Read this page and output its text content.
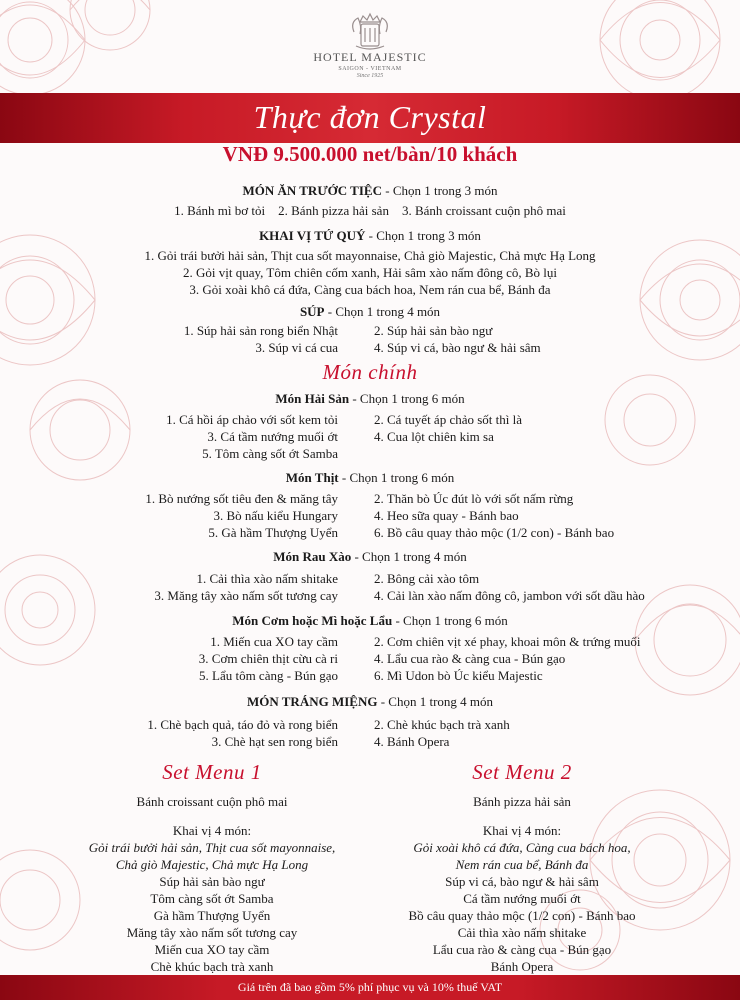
HOTEL MAJESTIC
SAIGON - VIETNAM
Since 1925
Thực đơn Crystal
VNĐ 9.500.000 net/bàn/10 khách
MÓN ĂN TRƯỚC TIỆC - Chọn 1 trong 3 món
1. Bánh mì bơ tỏi    2. Bánh pizza hải sản    3. Bánh croissant cuộn phô mai
KHAI VỊ TỨ QUÝ - Chọn 1 trong 3 món
1. Gỏi trái bưởi hải sản, Thịt cua sốt mayonnaise, Chả giò Majestic, Chả mực Hạ Long
2. Gỏi vịt quay, Tôm chiên cốm xanh, Hải sâm xào nấm đông cô, Bò lụi
3. Gỏi xoài khô cá đứa, Càng cua bách hoa, Nem rán cua bể, Bánh đa
SÚP - Chọn 1 trong 4 món
1. Súp hải sản rong biển Nhật	2. Súp hải sản bào ngư
3. Súp vi cá cua	4. Súp vi cá, bào ngư & hải sâm
Món chính
Món Hải Sản - Chọn 1 trong 6 món
1. Cá hồi áp chảo với sốt kem tỏi	2. Cá tuyết áp chảo sốt thì là
3. Cá tầm nướng muối ớt	4. Cua lột chiên kim sa
5. Tôm càng sốt ớt Samba
Món Thịt - Chọn 1 trong 6 món
1. Bò nướng sốt tiêu đen & măng tây	2. Thăn bò Úc đút lò với sốt nấm rừng
3. Bò nấu kiểu Hungary	4. Heo sữa quay - Bánh bao
5. Gà hầm Thượng Uyển	6. Bồ câu quay thảo mộc (1/2 con) - Bánh bao
Món Rau Xào - Chọn 1 trong 4 món
1. Cải thìa xào nấm shitake	2. Bông cải xào tôm
3. Măng tây xào nấm sốt tương cay	4. Cải làn xào nấm đông cô, jambon với sốt dầu hào
Món Cơm hoặc Mì hoặc Lẩu - Chọn 1 trong 6 món
1. Miến cua XO tay cầm	2. Cơm chiên vịt xé phay, khoai môn & trứng muối
3. Cơm chiên thịt cừu cà ri	4. Lẩu cua rào & càng cua - Bún gạo
5. Lẩu tôm càng - Bún gạo	6. Mì Udon bò Úc kiểu Majestic
MÓN TRÁNG MIỆNG - Chọn 1 trong 4 món
1. Chè bạch quả, táo đỏ và rong biển	2. Chè khúc bạch trà xanh
3. Chè hạt sen rong biển	4. Bánh Opera
Set Menu 1
Bánh croissant cuộn phô mai
Khai vị 4 món:
Gỏi trái bưởi hải sản, Thịt cua sốt mayonnaise,
Chả giò Majestic, Chả mực Hạ Long
Súp hải sản bào ngư
Tôm càng sốt ớt Samba
Gà hầm Thượng Uyển
Măng tây xào nấm sốt tương cay
Miến cua XO tay cầm
Chè khúc bạch trà xanh
Set Menu 2
Bánh pizza hải sản
Khai vị 4 món:
Gỏi xoài khô cá đứa, Càng cua bách hoa,
Nem rán cua bể, Bánh đa
Súp vi cá, bào ngư & hải sâm
Cá tầm nướng muối ớt
Bồ câu quay thảo mộc (1/2 con) - Bánh bao
Cải thìa xào nấm shitake
Lẩu cua rào & càng cua - Bún gạo
Bánh Opera
Giá trên đã bao gồm 5% phí phục vụ và 10% thuế VAT
